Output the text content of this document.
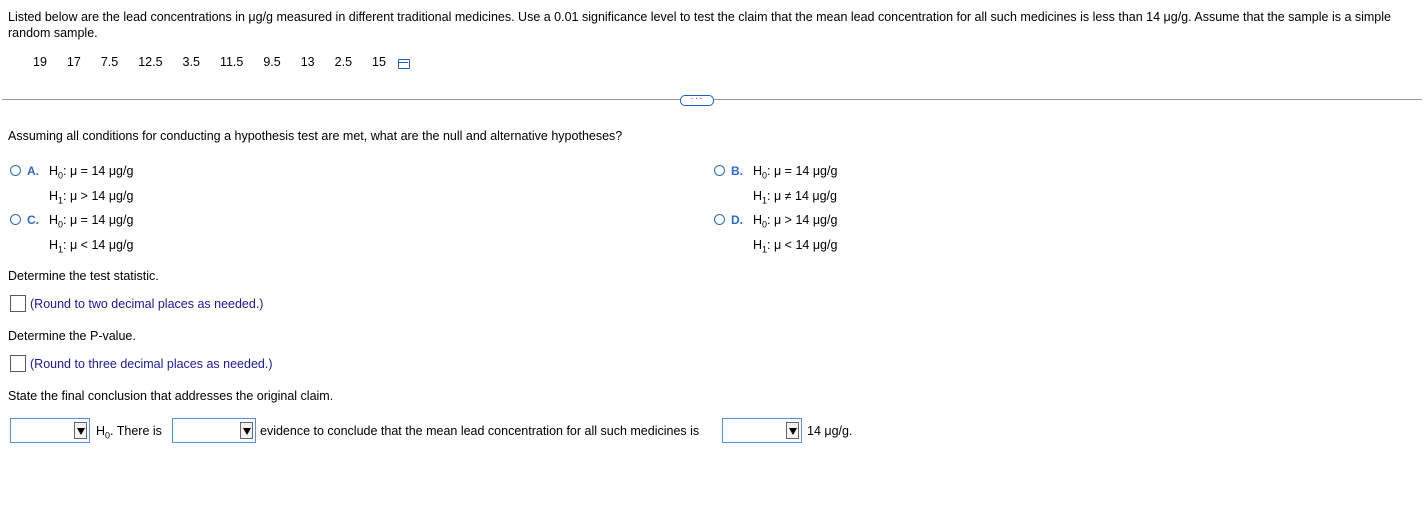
Listed below are the lead concentrations in μg/g measured in different traditional medicines. Use a 0.01 significance level to test the claim that the mean lead concentration for all such medicines is less than 14 μg/g. Assume that the sample is a simple random sample.
19 17 7.5 12.5 3.5 11.5 9.5 13 2.5 15
···
Assuming all conditions for conducting a hypothesis test are met, what are the null and alternative hypotheses?
A. $H_0$: μ = 14 μg/g
$H_1$: μ > 14 μg/g
B. $H_0$: μ = 14 μg/g
$H_1$: μ ≠ 14 μg/g
C. $H_0$: μ = 14 μg/g
$H_1$: μ < 14 μg/g
D. $H_0$: μ > 14 μg/g
$H_1$: μ < 14 μg/g
Determine the test statistic.
(Round to two decimal places as needed.)
Determine the P-value.
(Round to three decimal places as needed.)
State the final conclusion that addresses the original claim.
$H_0$. There is	evidence to conclude that the mean lead concentration for all such medicines is	14 μg/g.
